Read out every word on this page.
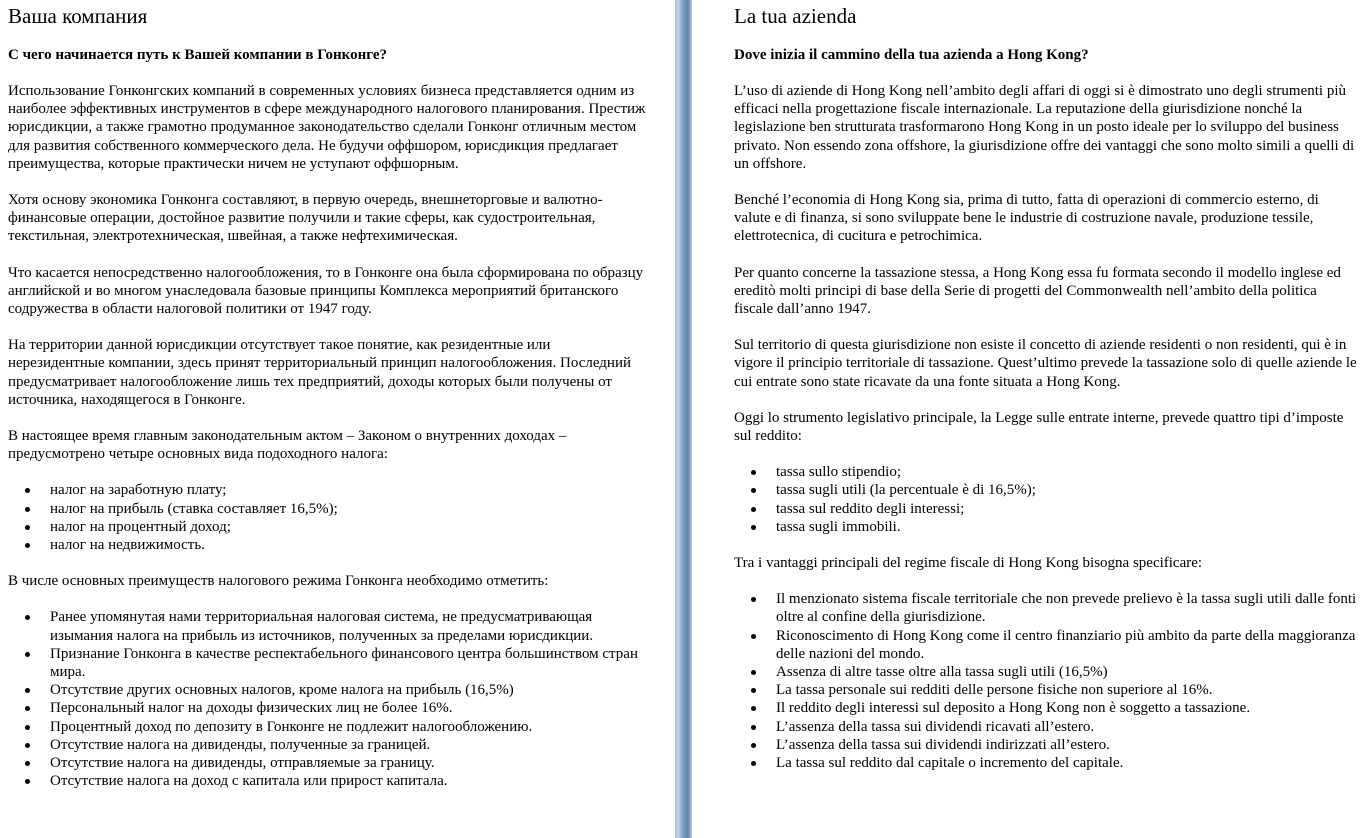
Ваша компания
С чего начинается путь к Вашей компании в Гонконге?

Использование Гонконгских компаний в современных условиях бизнеса представляется одним из наиболее эффективных инструментов в сфере международного налогового планирования. Престиж юрисдикции, а также грамотно продуманное законодательство сделали Гонконг отличным местом для развития собственного коммерческого дела. Не будучи оффшором, юрисдикция предлагает преимущества, которые практически ничем не уступают оффшорным.

Хотя основу экономика Гонконга составляют, в первую очередь, внешнеторговые и валютно-финансовые операции, достойное развитие получили и такие сферы, как судостроительная, текстильная, электротехническая, швейная, а также нефтехимическая.

Что касается непосредственно налогообложения, то в Гонконге она была сформирована по образцу английской и во многом унаследовала базовые принципы Комплекса мероприятий британского содружества в области налоговой политики от 1947 году.

На территории данной юрисдикции отсутствует такое понятие, как резидентные или нерезидентные компании, здесь принят территориальный принцип налогообложения. Последний предусматривает налогообложение лишь тех предприятий, доходы которых были получены от источника, находящегося в Гонконге.

В настоящее время главным законодательным актом – Законом о внутренних доходах – предусмотрено четыре основных вида подоходного налога:

налог на заработную плату;
налог на прибыль (ставка составляет 16,5%);
налог на процентный доход;
налог на недвижимость.

В числе основных преимуществ налогового режима Гонконга необходимо отметить:

Ранее упомянутая нами территориальная налоговая система, не предусматривающая изымания налога на прибыль из источников, полученных за пределами юрисдикции.
Признание Гонконга в качестве респектабельного финансового центра большинством стран мира.
Отсутствие других основных налогов, кроме налога на прибыль (16,5%)
Персональный налог на доходы физических лиц не более 16%.
Процентный доход по депозиту в Гонконге не подлежит налогообложению.
Отсутствие налога на дивиденды, полученные за границей.
Отсутствие налога на дивиденды, отправляемые за границу.
Отсутствие налога на доход с капитала или прирост капитала.
La tua azienda
Dove inizia il cammino della tua azienda a Hong Kong?

L’uso di aziende di Hong Kong nell’ambito degli affari di oggi si è dimostrato uno degli strumenti più efficaci nella progettazione fiscale internazionale. La reputazione della giurisdizione nonché la legislazione ben strutturata trasformarono Hong Kong in un posto ideale per lo sviluppo del business privato. Non essendo zona offshore, la giurisdizione offre dei vantaggi che sono molto simili a quelli di un offshore.

Benché l’economia di Hong Kong sia, prima di tutto, fatta di operazioni di commercio esterno, di valute e di finanza, si sono sviluppate bene le industrie di costruzione navale, produzione tessile, elettrotecnica, di cucitura e petrochimica.

Per quanto concerne la tassazione stessa, a Hong Kong essa fu formata secondo il modello inglese ed ereditò molti principi di base della Serie di progetti del Commonwealth nell’ambito della politica fiscale dall’anno 1947.

Sul territorio di questa giurisdizione non esiste il concetto di aziende residenti o non residenti, qui è in vigore il principio territoriale di tassazione. Quest’ultimo prevede la tassazione solo di quelle aziende le cui entrate sono state ricavate da una fonte situata a Hong Kong.

Oggi lo strumento legislativo principale, la Legge sulle entrate interne, prevede quattro tipi d’imposte sul reddito:

tassa sullo stipendio;
tassa sugli utili (la percentuale è di 16,5%);
tassa sul reddito degli interessi;
tassa sugli immobili.

Tra i vantaggi principali del regime fiscale di Hong Kong bisogna specificare:

Il menzionato sistema fiscale territoriale che non prevede prelievo è la tassa sugli utili dalle fonti oltre al confine della giurisdizione.
Riconoscimento di Hong Kong come il centro finanziario più ambito da parte della maggioranza delle nazioni del mondo.
Assenza di altre tasse oltre alla tassa sugli utili (16,5%)
La tassa personale sui redditi delle persone fisiche non superiore al 16%.
Il reddito degli interessi sul deposito a Hong Kong non è soggetto a tassazione.
L’assenza della tassa sui dividendi ricavati all’estero.
L’assenza della tassa sui dividendi indirizzati all’estero.
La tassa sul reddito dal capitale o incremento del capitale.
